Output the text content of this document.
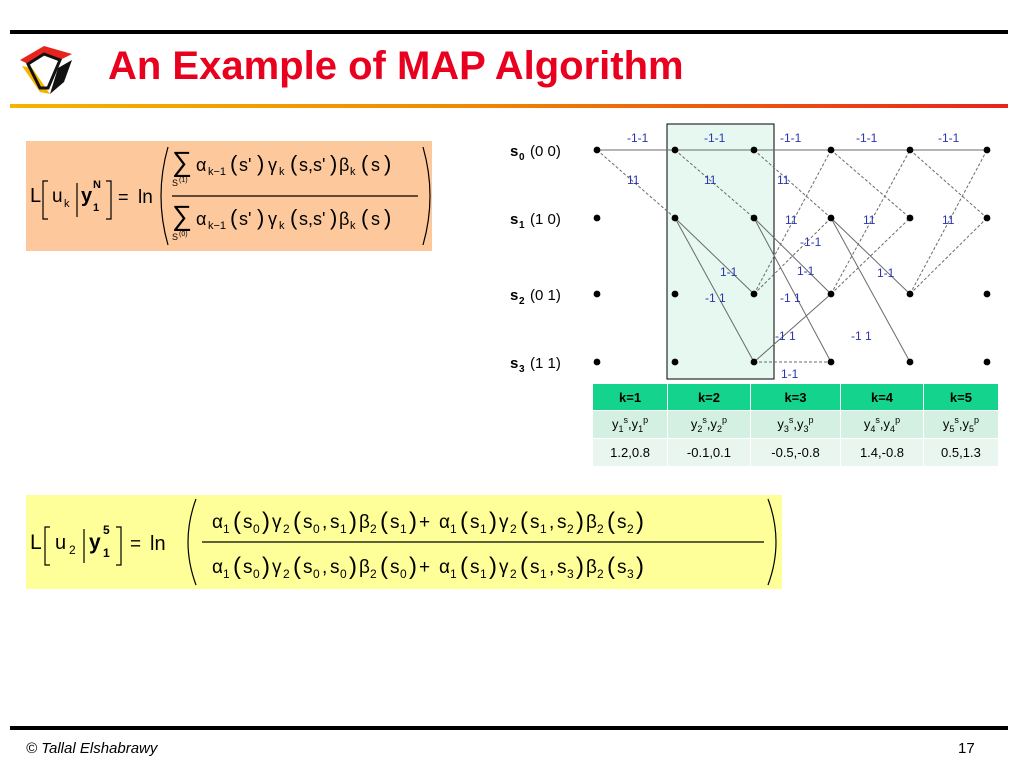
An Example of MAP Algorithm
L u k y N
1
= ln
∑
S (1)
α k−1 ( s' ) γ k ( s,s' ) β k ( s )
∑
S (0)
α k−1 ( s' ) γ k ( s,s' ) β k ( s )
s 0 (0 0)
s 1 (1 0)
s 2 (0 1)
s 3 (1 1)
-1-1	-1-1	-1-1	-1-1	-1-1
11	11	11
11	11	11
-1-1
1-1	1-1	1-1
-1 1	-1 1
-1 1	-1 1
1-1
k=1	k=2	k=3	k=4	k=5
$y_1^s,y_1^p$	$y_2^s,y_2^p$	$y_3^s,y_3^p$	$y_4^s,y_4^p$	$y_5^s,y_5^p$
1.2,0.8	-0.1,0.1	-0.5,-0.8	1.4,-0.8	0.5,1.3
L u 2 y
5
1 = ln
α 1 ( s 0 ) γ 2 ( s 0 , s 1 ) β 2 ( s 1 ) + α 1 ( s 1 ) γ 2 ( s 1 , s 2 ) β 2 ( s 2 )
α 1 ( s 0 ) γ 2 ( s 0 , s 0 ) β 2 ( s 0 ) + α 1 ( s 1 ) γ 2 ( s 1 , s 3 ) β 2 ( s 3 )
© Tallal Elshabrawy	17
